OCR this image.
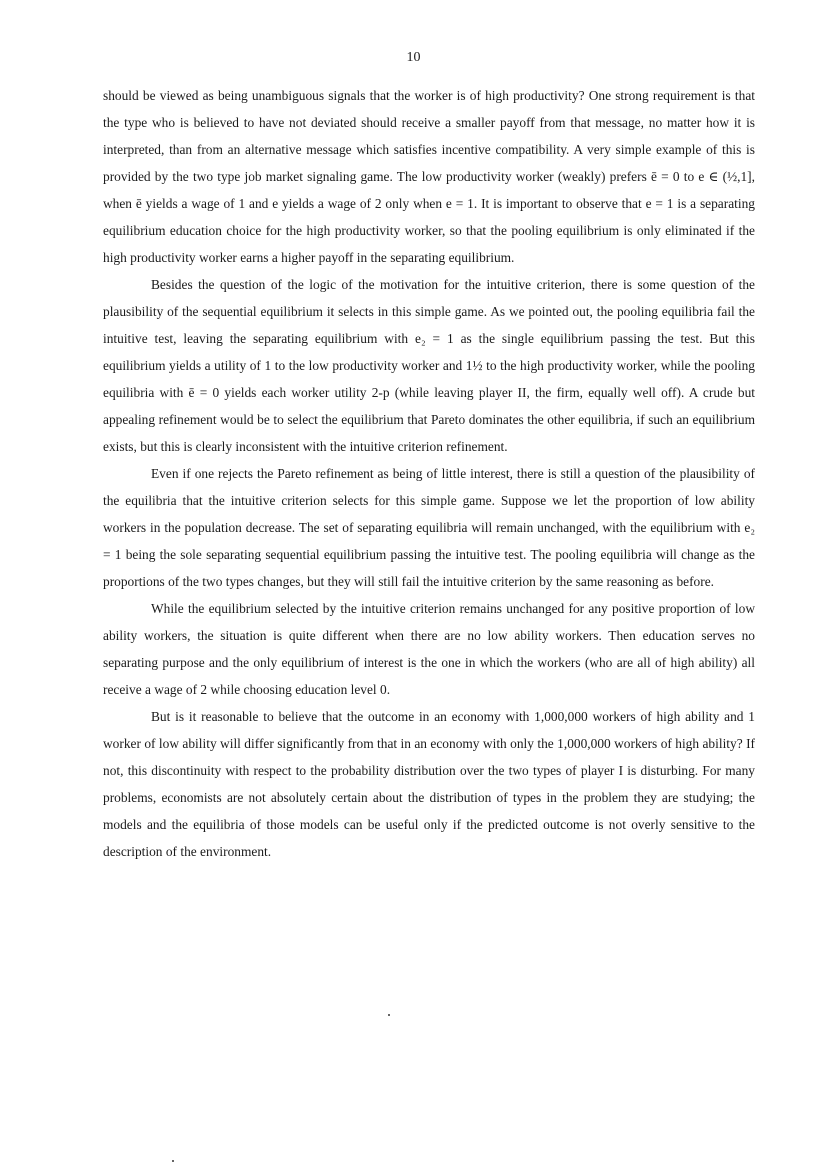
10

should be viewed as being unambiguous signals that the worker is of high productivity? One strong requirement is that the type who is believed to have not deviated should receive a smaller payoff from that message, no matter how it is interpreted, than from an alternative message which satisfies incentive compatibility. A very simple example of this is provided by the two type job market signaling game. The low productivity worker (weakly) prefers ē = 0 to e ∈ (½,1], when ē yields a wage of 1 and e yields a wage of 2 only when e = 1. It is important to observe that e = 1 is a separating equilibrium education choice for the high productivity worker, so that the pooling equilibrium is only eliminated if the high productivity worker earns a higher payoff in the separating equilibrium.

Besides the question of the logic of the motivation for the intuitive criterion, there is some question of the plausibility of the sequential equilibrium it selects in this simple game. As we pointed out, the pooling equilibria fail the intuitive test, leaving the separating equilibrium with e₂ = 1 as the single equilibrium passing the test. But this equilibrium yields a utility of 1 to the low productivity worker and 1½ to the high productivity worker, while the pooling equilibria with ē = 0 yields each worker utility 2-p (while leaving player II, the firm, equally well off). A crude but appealing refinement would be to select the equilibrium that Pareto dominates the other equilibria, if such an equilibrium exists, but this is clearly inconsistent with the intuitive criterion refinement.

Even if one rejects the Pareto refinement as being of little interest, there is still a question of the plausibility of the equilibria that the intuitive criterion selects for this simple game. Suppose we let the proportion of low ability workers in the population decrease. The set of separating equilibria will remain unchanged, with the equilibrium with e₂ = 1 being the sole separating sequential equilibrium passing the intuitive test. The pooling equilibria will change as the proportions of the two types changes, but they will still fail the intuitive criterion by the same reasoning as before.

While the equilibrium selected by the intuitive criterion remains unchanged for any positive proportion of low ability workers, the situation is quite different when there are no low ability workers. Then education serves no separating purpose and the only equilibrium of interest is the one in which the workers (who are all of high ability) all receive a wage of 2 while choosing education level 0.

But is it reasonable to believe that the outcome in an economy with 1,000,000 workers of high ability and 1 worker of low ability will differ significantly from that in an economy with only the 1,000,000 workers of high ability? If not, this discontinuity with respect to the probability distribution over the two types of player I is disturbing. For many problems, economists are not absolutely certain about the distribution of types in the problem they are studying; the models and the equilibria of those models can be useful only if the predicted outcome is not overly sensitive to the description of the environment.
